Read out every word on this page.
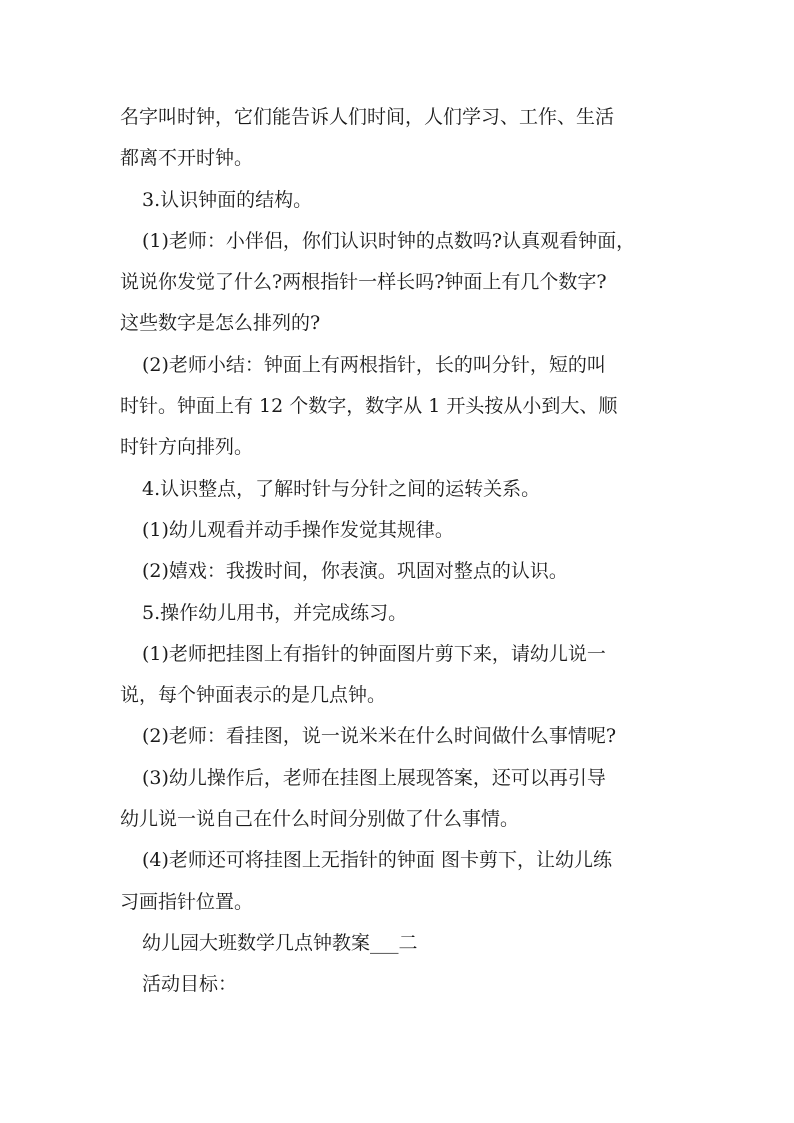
名字叫时钟，它们能告诉人们时间，人们学习、工作、生活
都离不开时钟。
3.认识钟面的结构。
(1)老师：小伴侣，你们认识时钟的点数吗?认真观看钟面，
说说你发觉了什么?两根指针一样长吗?钟面上有几个数字?
这些数字是怎么排列的?
(2)老师小结：钟面上有两根指针，长的叫分针，短的叫
时针。钟面上有 12 个数字，数字从 1 开头按从小到大、顺
时针方向排列。
4.认识整点，了解时针与分针之间的运转关系。
(1)幼儿观看并动手操作发觉其规律。
(2)嬉戏：我拨时间，你表演。巩固对整点的认识。
5.操作幼儿用书，并完成练习。
(1)老师把挂图上有指针的钟面图片剪下来，请幼儿说一
说，每个钟面表示的是几点钟。
(2)老师：看挂图，说一说米米在什么时间做什么事情呢?
(3)幼儿操作后，老师在挂图上展现答案，还可以再引导
幼儿说一说自己在什么时间分别做了什么事情。
(4)老师还可将挂图上无指针的钟面 图卡剪下，让幼儿练
习画指针位置。
幼儿园大班数学几点钟教案___二
活动目标：
